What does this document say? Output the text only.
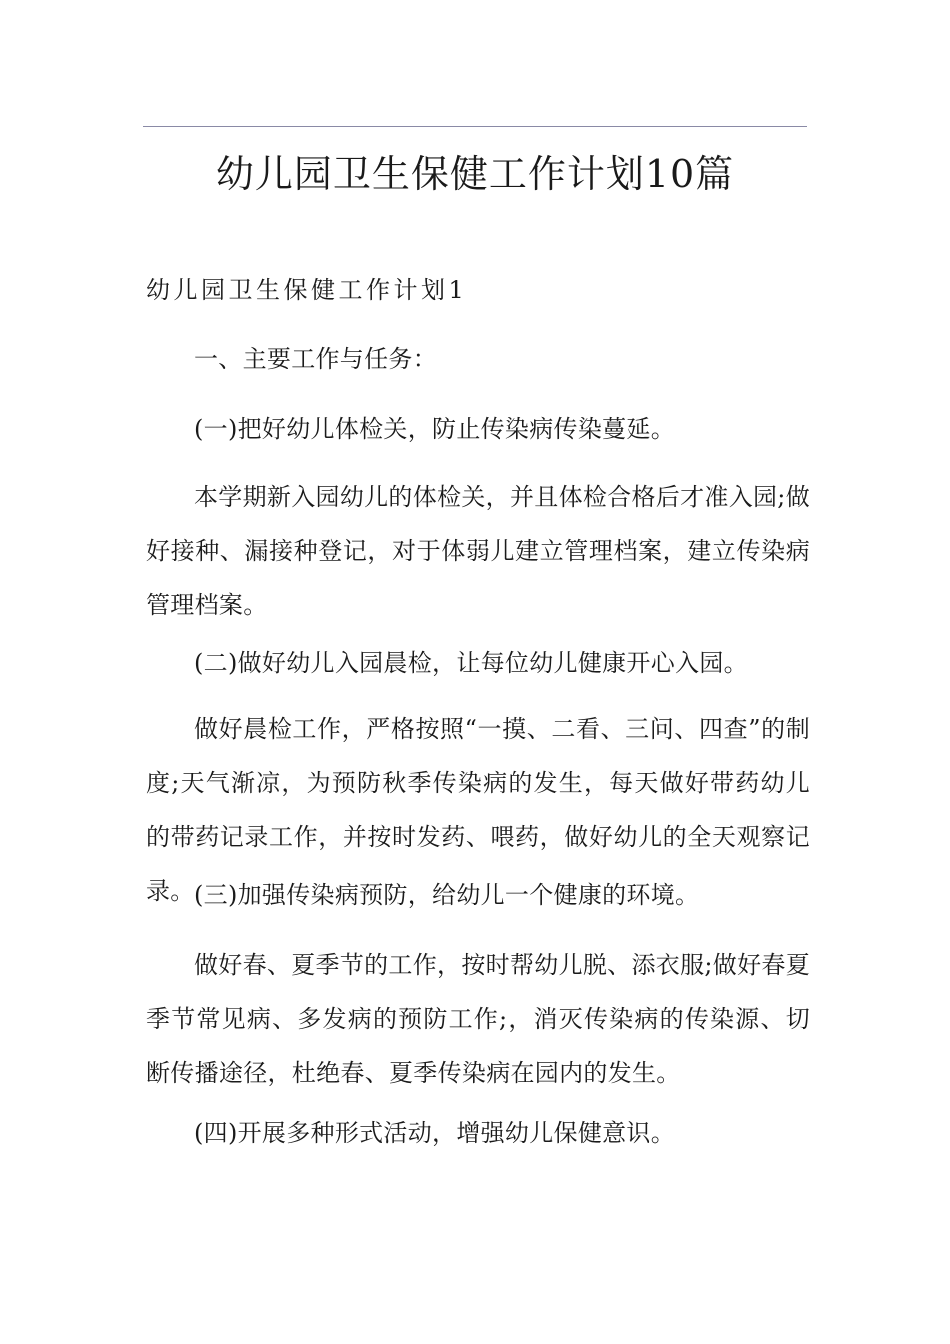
幼儿园卫生保健工作计划10篇
幼儿园卫生保健工作计划1

一、主要工作与任务：

(一)把好幼儿体检关，防止传染病传染蔓延。

本学期新入园幼儿的体检关，并且体检合格后才准入园;做好接种、漏接种登记，对于体弱儿建立管理档案，建立传染病管理档案。

(二)做好幼儿入园晨检，让每位幼儿健康开心入园。

做好晨检工作，严格按照“一摸、二看、三问、四查”的制度;天气渐凉，为预防秋季传染病的发生，每天做好带药幼儿的带药记录工作，并按时发药、喂药，做好幼儿的全天观察记录。 (三)加强传染病预防，给幼儿一个健康的环境。

做好春、夏季节的工作，按时帮幼儿脱、添衣服;做好春夏季节常见病、多发病的预防工作;，消灭传染病的传染源、切断传播途径，杜绝春、夏季传染病在园内的发生。

(四)开展多种形式活动，增强幼儿保健意识。
